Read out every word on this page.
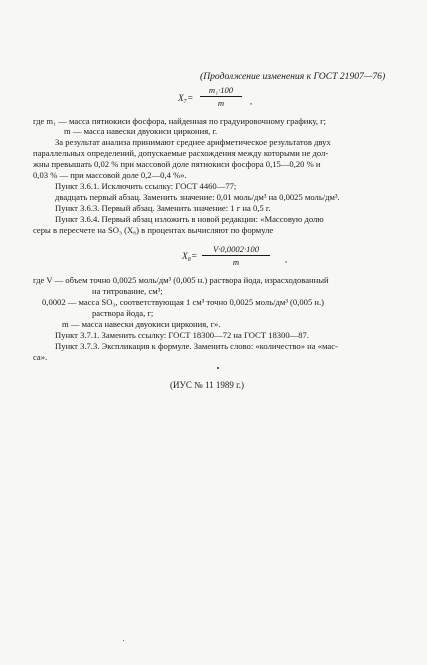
(Продолжение изменения к ГОСТ 21907—76)
$X_7= \frac{\text{m₁·100}}{m}$ ,
где m₁ — масса пятиокиси фосфора, найденная по градуировочному графику, г;
m — масса навески двуокиси циркония, г.
За результат анализа принимают среднее арифметическое результатов двух
параллельных определений, допускаемые расхождения между которыми не дол-
жны превышать 0,02 % при массовой доле пятиокиси фосфора 0,15—0,20 % и
0,03 % — при массовой доле 0,2—0,4 %».
Пункт 3.6.1. Исключить ссылку: ГОСТ 4460—77;
двадцать первый абзац. Заменить значение: 0,01 моль/дм³ на 0,0025 моль/дм³.
Пункт 3.6.3. Первый абзац. Заменить значение: 1 г на 0,5 г.
Пункт 3.6.4. Первый абзац изложить в новой редакции: «Массовую долю
серы в пересчете на SO₃ (X₈) в процентах вычисляют по формуле
$X_8= \frac{V\cdot 0,0002\cdot 100}{m}$ ,
где V — объем точно 0,0025 моль/дм³ (0,005 н.) раствора йода, израсходованный
на титрование, см³;
0,0002 — масса SO₃, соответствующая 1 см³ точно 0,0025 моль/дм³ (0,005 н.)
раствора йода, г;
m — масса навески двуокиси циркония, г».
Пункт 3.7.1. Заменить ссылку: ГОСТ 18300—72 на ГОСТ 18300—87.
Пункт 3.7.3. Экспликация к формуле. Заменить слово: «количество» на «мас-
са».
(ИУС № 11 1989 г.)
